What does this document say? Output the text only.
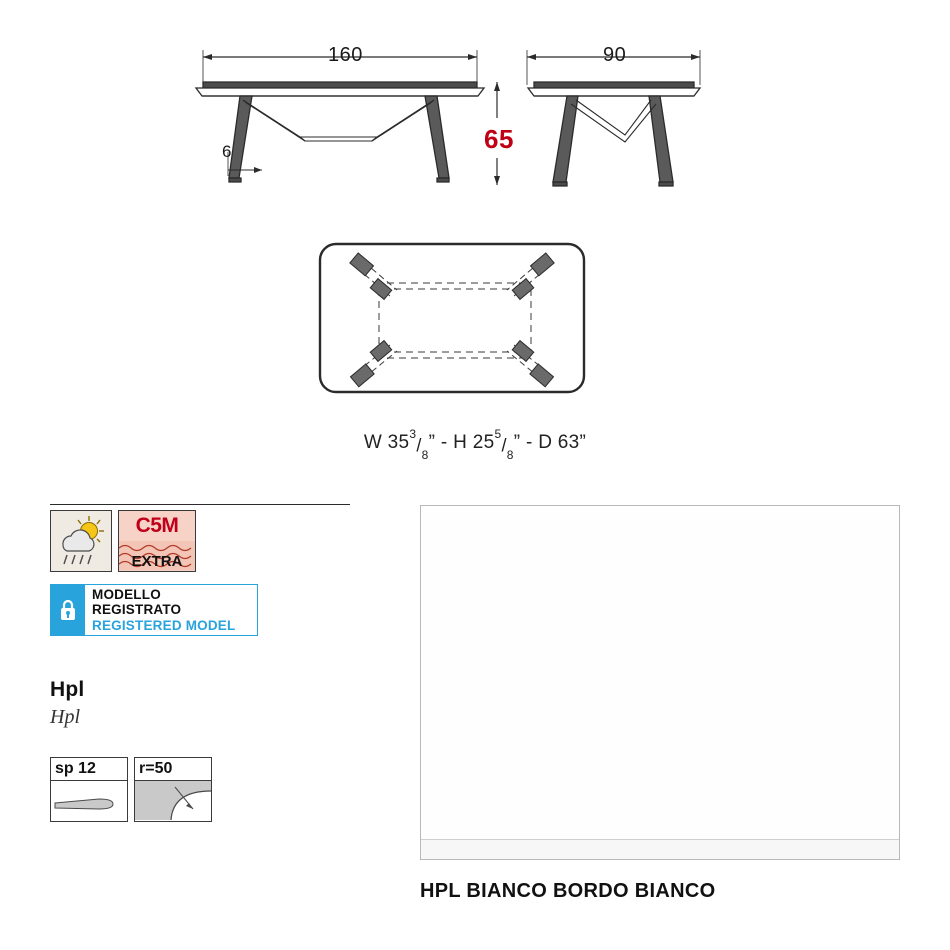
160	90
6	65
W $35^3/_8$” - H $25^5/_8$” - D 63”
C5M
EXTRA
MODELLO REGISTRATO
REGISTERED MODEL
Hpl
Hpl
sp 12	r=50
HPL BIANCO BORDO BIANCO
